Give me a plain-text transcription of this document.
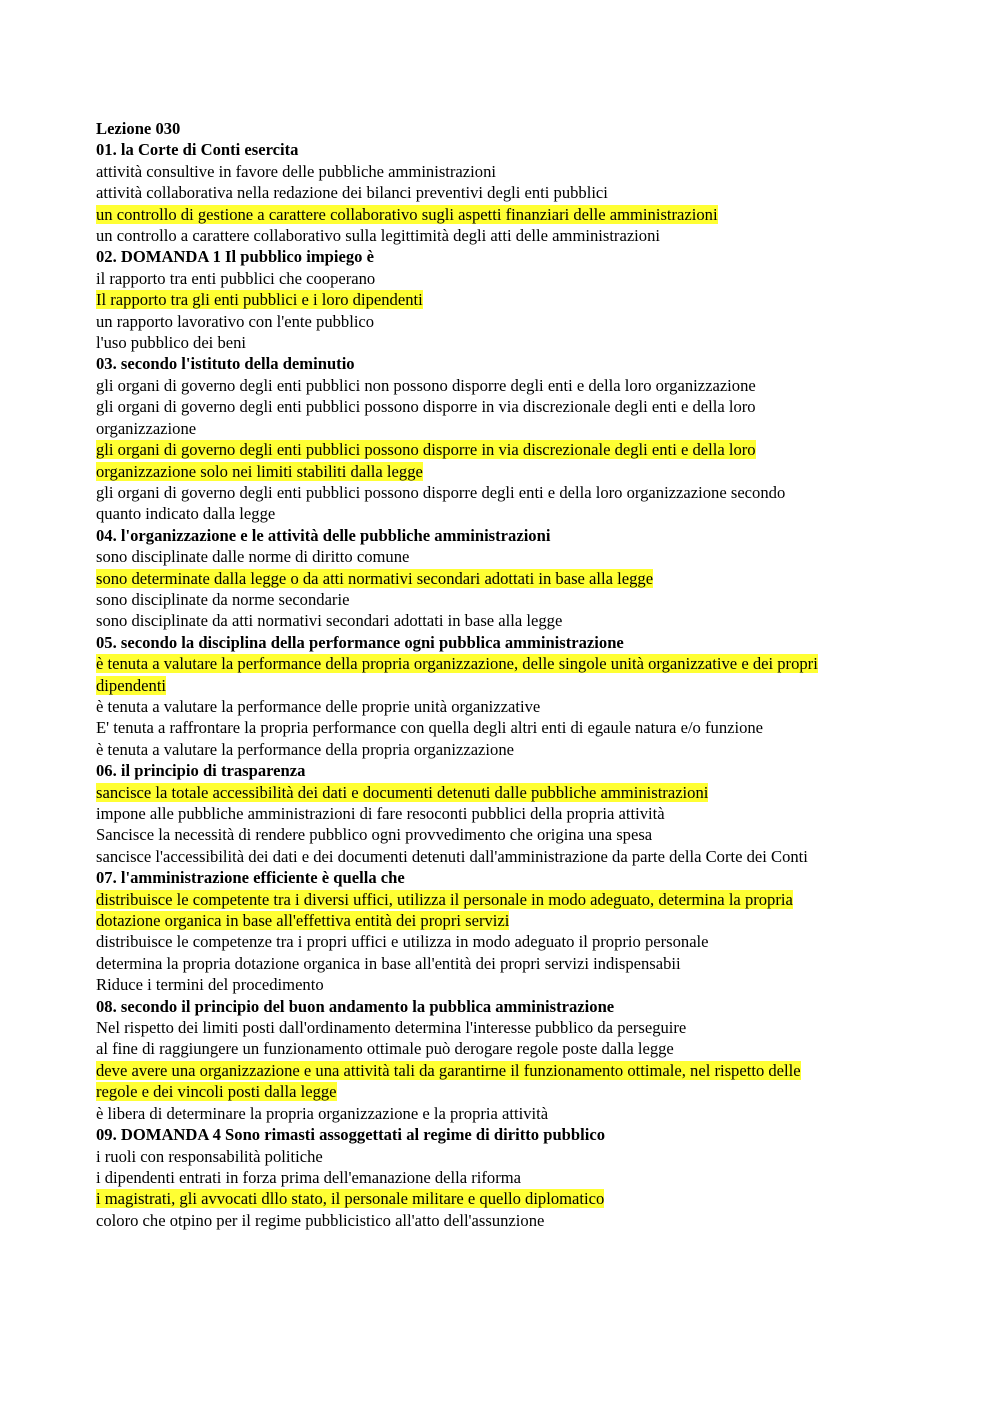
Lezione 030
01. la Corte di Conti esercita
attività consultive in favore delle pubbliche amministrazioni
attività collaborativa nella redazione dei bilanci preventivi degli enti pubblici
un controllo di gestione a carattere collaborativo sugli aspetti finanziari delle amministrazioni
un controllo a carattere collaborativo sulla legittimità degli atti delle amministrazioni
02. DOMANDA 1 Il pubblico impiego è
il rapporto tra enti pubblici che cooperano
Il rapporto tra gli enti pubblici e i loro dipendenti
un rapporto lavorativo con l'ente pubblico
l'uso pubblico dei beni
03. secondo l'istituto della deminutio
gli organi di governo degli enti pubblici non possono disporre degli enti e della loro organizzazione
gli organi di governo degli enti pubblici possono disporre in via discrezionale degli enti e della loro
organizzazione
gli organi di governo degli enti pubblici possono disporre in via discrezionale degli enti e della loro
organizzazione solo nei limiti stabiliti dalla legge
gli organi di governo degli enti pubblici possono disporre degli enti e della loro organizzazione secondo
quanto indicato dalla legge
04. l'organizzazione e le attività delle pubbliche amministrazioni
sono disciplinate dalle norme di diritto comune
sono determinate dalla legge o da atti normativi secondari adottati in base alla legge
sono disciplinate da norme secondarie
sono disciplinate da atti normativi secondari adottati in base alla legge
05. secondo la disciplina della performance ogni pubblica amministrazione
è tenuta a valutare la performance della propria organizzazione, delle singole unità organizzative e dei propri
dipendenti
è tenuta a valutare la performance delle proprie unità organizzative
E' tenuta a raffrontare la propria performance con quella degli altri enti di egaule natura e/o funzione
è tenuta a valutare la performance della propria organizzazione
06. il principio di trasparenza
sancisce la totale accessibilità dei dati e documenti detenuti dalle pubbliche amministrazioni
impone alle pubbliche amministrazioni di fare resoconti pubblici della propria attività
Sancisce la necessità di rendere pubblico ogni provvedimento che origina una spesa
sancisce l'accessibilità dei dati e dei documenti detenuti dall'amministrazione da parte della Corte dei Conti
07. l'amministrazione efficiente è quella che
distribuisce le competente tra i diversi uffici, utilizza il personale in modo adeguato, determina la propria
dotazione organica in base all'effettiva entità dei propri servizi
distribuisce le competenze tra i propri uffici e utilizza in modo adeguato il proprio personale
determina la propria dotazione organica in base all'entità dei propri servizi indispensabii
Riduce i termini del procedimento
08. secondo il principio del buon andamento la pubblica amministrazione
Nel rispetto dei limiti posti dall'ordinamento determina l'interesse pubblico da perseguire
al fine di raggiungere un funzionamento ottimale può derogare regole poste dalla legge
deve avere una organizzazione e una attività tali da garantirne il funzionamento ottimale, nel rispetto delle
regole e dei vincoli posti dalla legge
è libera di determinare la propria organizzazione e la propria attività
09. DOMANDA 4 Sono rimasti assoggettati al regime di diritto pubblico
i ruoli con responsabilità politiche
i dipendenti entrati in forza prima dell'emanazione della riforma
i magistrati, gli avvocati dllo stato, il personale militare e quello diplomatico
coloro che otpino per il regime pubblicistico all'atto dell'assunzione
